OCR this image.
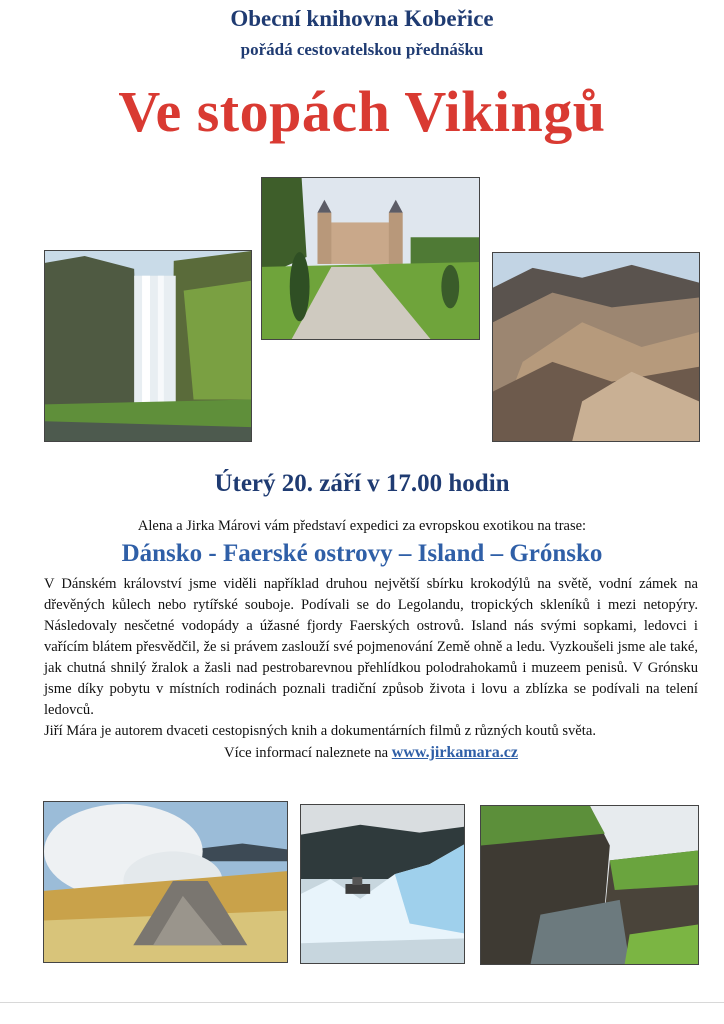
Obecní knihovna Kobeřice
pořádá cestovatelskou přednášku
Ve stopách Vikingů
Úterý 20. září v 17.00 hodin
Alena a Jirka Márovi vám představí expedici za evropskou exotikou na trase:
Dánsko - Faerské ostrovy – Island – Grónsko

V Dánském království jsme viděli například druhou největší sbírku krokodýlů na světě, vodní zámek na dřevěných kůlech nebo rytířské souboje. Podívali se do Legolandu, tropických skleníků i mezi netopýry. Následovaly nesčetné vodopády a úžasné fjordy Faerských ostrovů. Island nás svými sopkami, ledovci i vařícím blátem přesvědčil, že si právem zaslouží své pojmenování Země ohně a ledu. Vyzkoušeli jsme ale také, jak chutná shnilý žralok a žasli nad pestrobarevnou přehlídkou polodrahokamů i muzeem penisů. V Grónsku jsme díky pobytu v místních rodinách poznali tradiční způsob života i lovu a zblízka se podívali na telení ledovců.

Jiří Mára je autorem dvaceti cestopisných knih a dokumentárních filmů z různých koutů světa.

Více informací naleznete na www.jirkamara.cz
